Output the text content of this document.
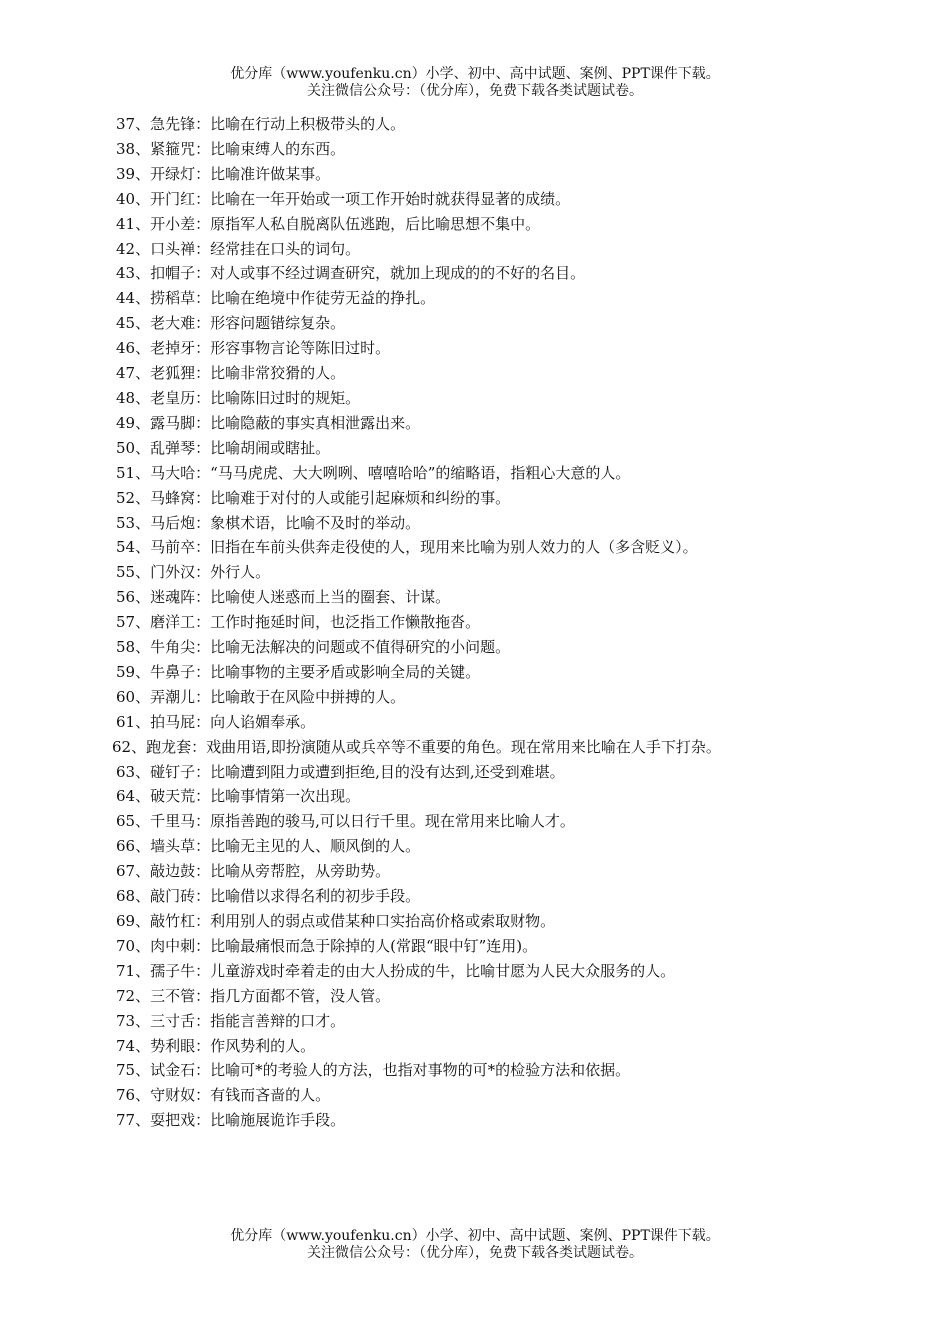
优分库（www.youfenku.cn）小学、初中、高中试题、案例、PPT课件下载。
关注微信公众号：（优分库），免费下载各类试题试卷。
37、急先锋：比喻在行动上积极带头的人。
38、紧箍咒：比喻束缚人的东西。
39、开绿灯：比喻准许做某事。
40、开门红：比喻在一年开始或一项工作开始时就获得显著的成绩。
41、开小差：原指军人私自脱离队伍逃跑，后比喻思想不集中。
42、口头禅：经常挂在口头的词句。
43、扣帽子：对人或事不经过调查研究，就加上现成的的不好的名目。
44、捞稻草：比喻在绝境中作徒劳无益的挣扎。
45、老大难：形容问题错综复杂。
46、老掉牙：形容事物言论等陈旧过时。
47、老狐狸：比喻非常狡猾的人。
48、老皇历：比喻陈旧过时的规矩。
49、露马脚：比喻隐蔽的事实真相泄露出来。
50、乱弹琴：比喻胡闹或瞎扯。
51、马大哈：“马马虎虎、大大咧咧、嘻嘻哈哈”的缩略语，指粗心大意的人。
52、马蜂窝：比喻难于对付的人或能引起麻烦和纠纷的事。
53、马后炮：象棋术语，比喻不及时的举动。
54、马前卒：旧指在车前头供奔走役使的人，现用来比喻为别人效力的人（多含贬义）。
55、门外汉：外行人。
56、迷魂阵：比喻使人迷惑而上当的圈套、计谋。
57、磨洋工：工作时拖延时间，也泛指工作懒散拖沓。
58、牛角尖：比喻无法解决的问题或不值得研究的小问题。
59、牛鼻子：比喻事物的主要矛盾或影响全局的关键。
60、弄潮儿：比喻敢于在风险中拼搏的人。
61、拍马屁：向人谄媚奉承。
62、跑龙套：戏曲用语,即扮演随从或兵卒等不重要的角色。现在常用来比喻在人手下打杂。
63、碰钉子：比喻遭到阻力或遭到拒绝,目的没有达到,还受到难堪。
64、破天荒：比喻事情第一次出现。
65、千里马：原指善跑的骏马,可以日行千里。现在常用来比喻人才。
66、墙头草：比喻无主见的人、顺风倒的人。
67、敲边鼓：比喻从旁帮腔，从旁助势。
68、敲门砖：比喻借以求得名利的初步手段。
69、敲竹杠：利用别人的弱点或借某种口实抬高价格或索取财物。
70、肉中刺：比喻最痛恨而急于除掉的人(常跟“眼中钉”连用)。
71、孺子牛：儿童游戏时牵着走的由大人扮成的牛，比喻甘愿为人民大众服务的人。
72、三不管：指几方面都不管，没人管。
73、三寸舌：指能言善辩的口才。
74、势利眼：作风势利的人。
75、试金石：比喻可*的考验人的方法，也指对事物的可*的检验方法和依据。
76、守财奴：有钱而吝啬的人。
77、耍把戏：比喻施展诡诈手段。
优分库（www.youfenku.cn）小学、初中、高中试题、案例、PPT课件下载。
关注微信公众号：（优分库），免费下载各类试题试卷。
